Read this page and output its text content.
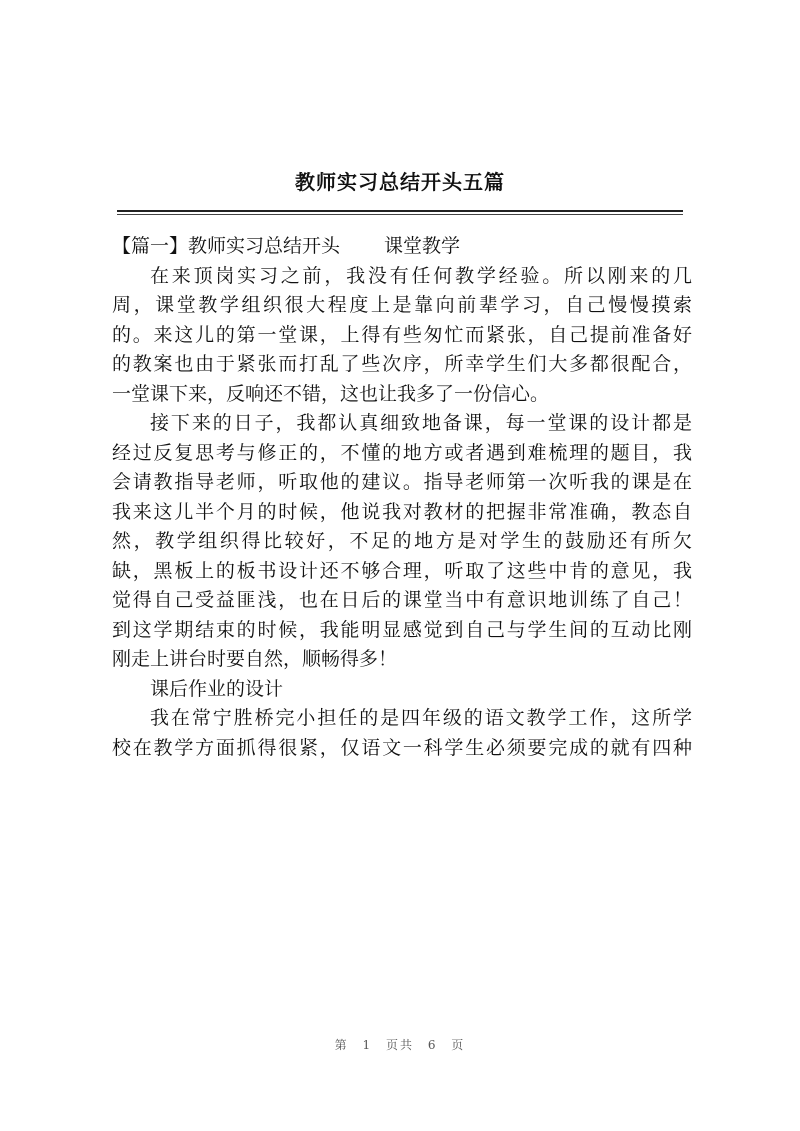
教师实习总结开头五篇
【篇一】教师实习总结开头 课堂教学
在来顶岗实习之前，我没有任何教学经验。所以刚来的几
周，课堂教学组织很大程度上是靠向前辈学习，自己慢慢摸索
的。来这儿的第一堂课，上得有些匆忙而紧张，自己提前准备好
的教案也由于紧张而打乱了些次序，所幸学生们大多都很配合，
一堂课下来，反响还不错，这也让我多了一份信心。
接下来的日子，我都认真细致地备课，每一堂课的设计都是
经过反复思考与修正的，不懂的地方或者遇到难梳理的题目，我
会请教指导老师，听取他的建议。指导老师第一次听我的课是在
我来这儿半个月的时候，他说我对教材的把握非常准确，教态自
然，教学组织得比较好，不足的地方是对学生的鼓励还有所欠
缺，黑板上的板书设计还不够合理，听取了这些中肯的意见，我
觉得自己受益匪浅，也在日后的课堂当中有意识地训练了自己！
到这学期结束的时候，我能明显感觉到自己与学生间的互动比刚
刚走上讲台时要自然，顺畅得多！
课后作业的设计
我在常宁胜桥完小担任的是四年级的语文教学工作，这所学
校在教学方面抓得很紧，仅语文一科学生必须要完成的就有四种
第 1 页共 6 页
